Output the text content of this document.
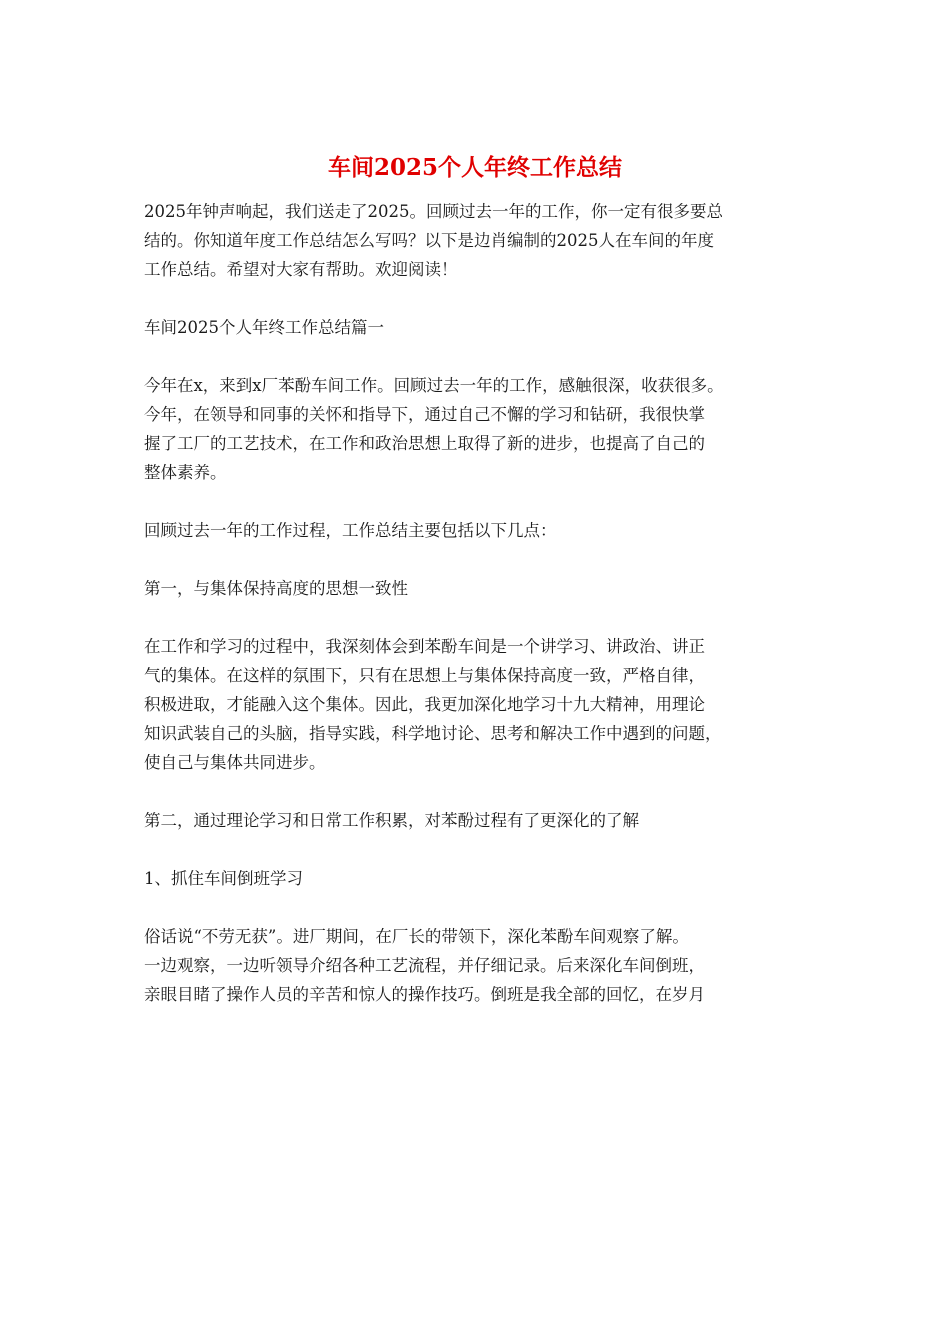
车间2025个人年终工作总结
2025年钟声响起，我们送走了2025。回顾过去一年的工作，你一定有很多要总
结的。你知道年度工作总结怎么写吗？以下是边肖编制的2025人在车间的年度
工作总结。希望对大家有帮助。欢迎阅读！
车间2025个人年终工作总结篇一
今年在x，来到x厂苯酚车间工作。回顾过去一年的工作，感触很深，收获很多。
今年，在领导和同事的关怀和指导下，通过自己不懈的学习和钻研，我很快掌
握了工厂的工艺技术，在工作和政治思想上取得了新的进步，也提高了自己的
整体素养。
回顾过去一年的工作过程，工作总结主要包括以下几点：
第一，与集体保持高度的思想一致性
在工作和学习的过程中，我深刻体会到苯酚车间是一个讲学习、讲政治、讲正
气的集体。在这样的氛围下，只有在思想上与集体保持高度一致，严格自律，
积极进取，才能融入这个集体。因此，我更加深化地学习十九大精神，用理论
知识武装自己的头脑，指导实践，科学地讨论、思考和解决工作中遇到的问题，
使自己与集体共同进步。
第二，通过理论学习和日常工作积累，对苯酚过程有了更深化的了解
1、抓住车间倒班学习
俗话说“不劳无获”。进厂期间，在厂长的带领下，深化苯酚车间观察了解。
一边观察，一边听领导介绍各种工艺流程，并仔细记录。后来深化车间倒班，
亲眼目睹了操作人员的辛苦和惊人的操作技巧。倒班是我全部的回忆，在岁月
